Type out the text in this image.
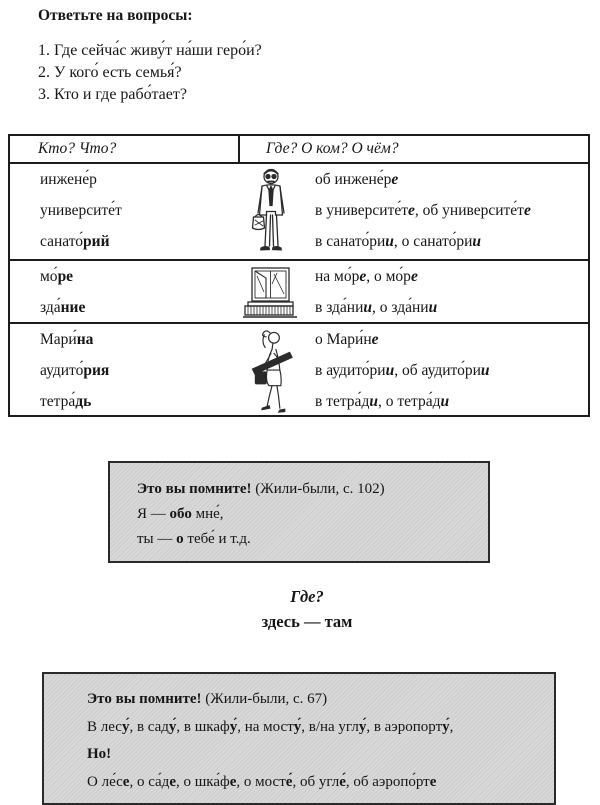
Ответьте на вопросы:
1. Где сейча́с живу́т на́ши геро́и?
2. У кого́ есть семья́?
3. Кто и где рабо́тает?
Кто? Что?	Где? О ком? О чём?
инжене́р
университе́т
санато́рий
об инжене́ре
в университе́те, об университе́те
в санато́рии, о санато́рии
мо́ре
зда́ние
на мо́ре, о мо́ре
в зда́нии, о зда́нии
Мари́на
аудито́рия
тетра́дь
о Мари́не
в аудито́рии, об аудито́рии
в тетра́ди, о тетра́ди
Это вы помните! (Жили-были, с. 102)
Я — обо мне́,
ты — о тебе́ и т.д.
Где?
здесь — там
Это вы помните! (Жили-были, с. 67)
В лесу́, в саду́, в шкафу́, на мосту́, в/на углу́, в аэропорту́,
Но!
О ле́се, о са́де, о шка́фе, о мосте́, об угле́, об аэропо́рте
